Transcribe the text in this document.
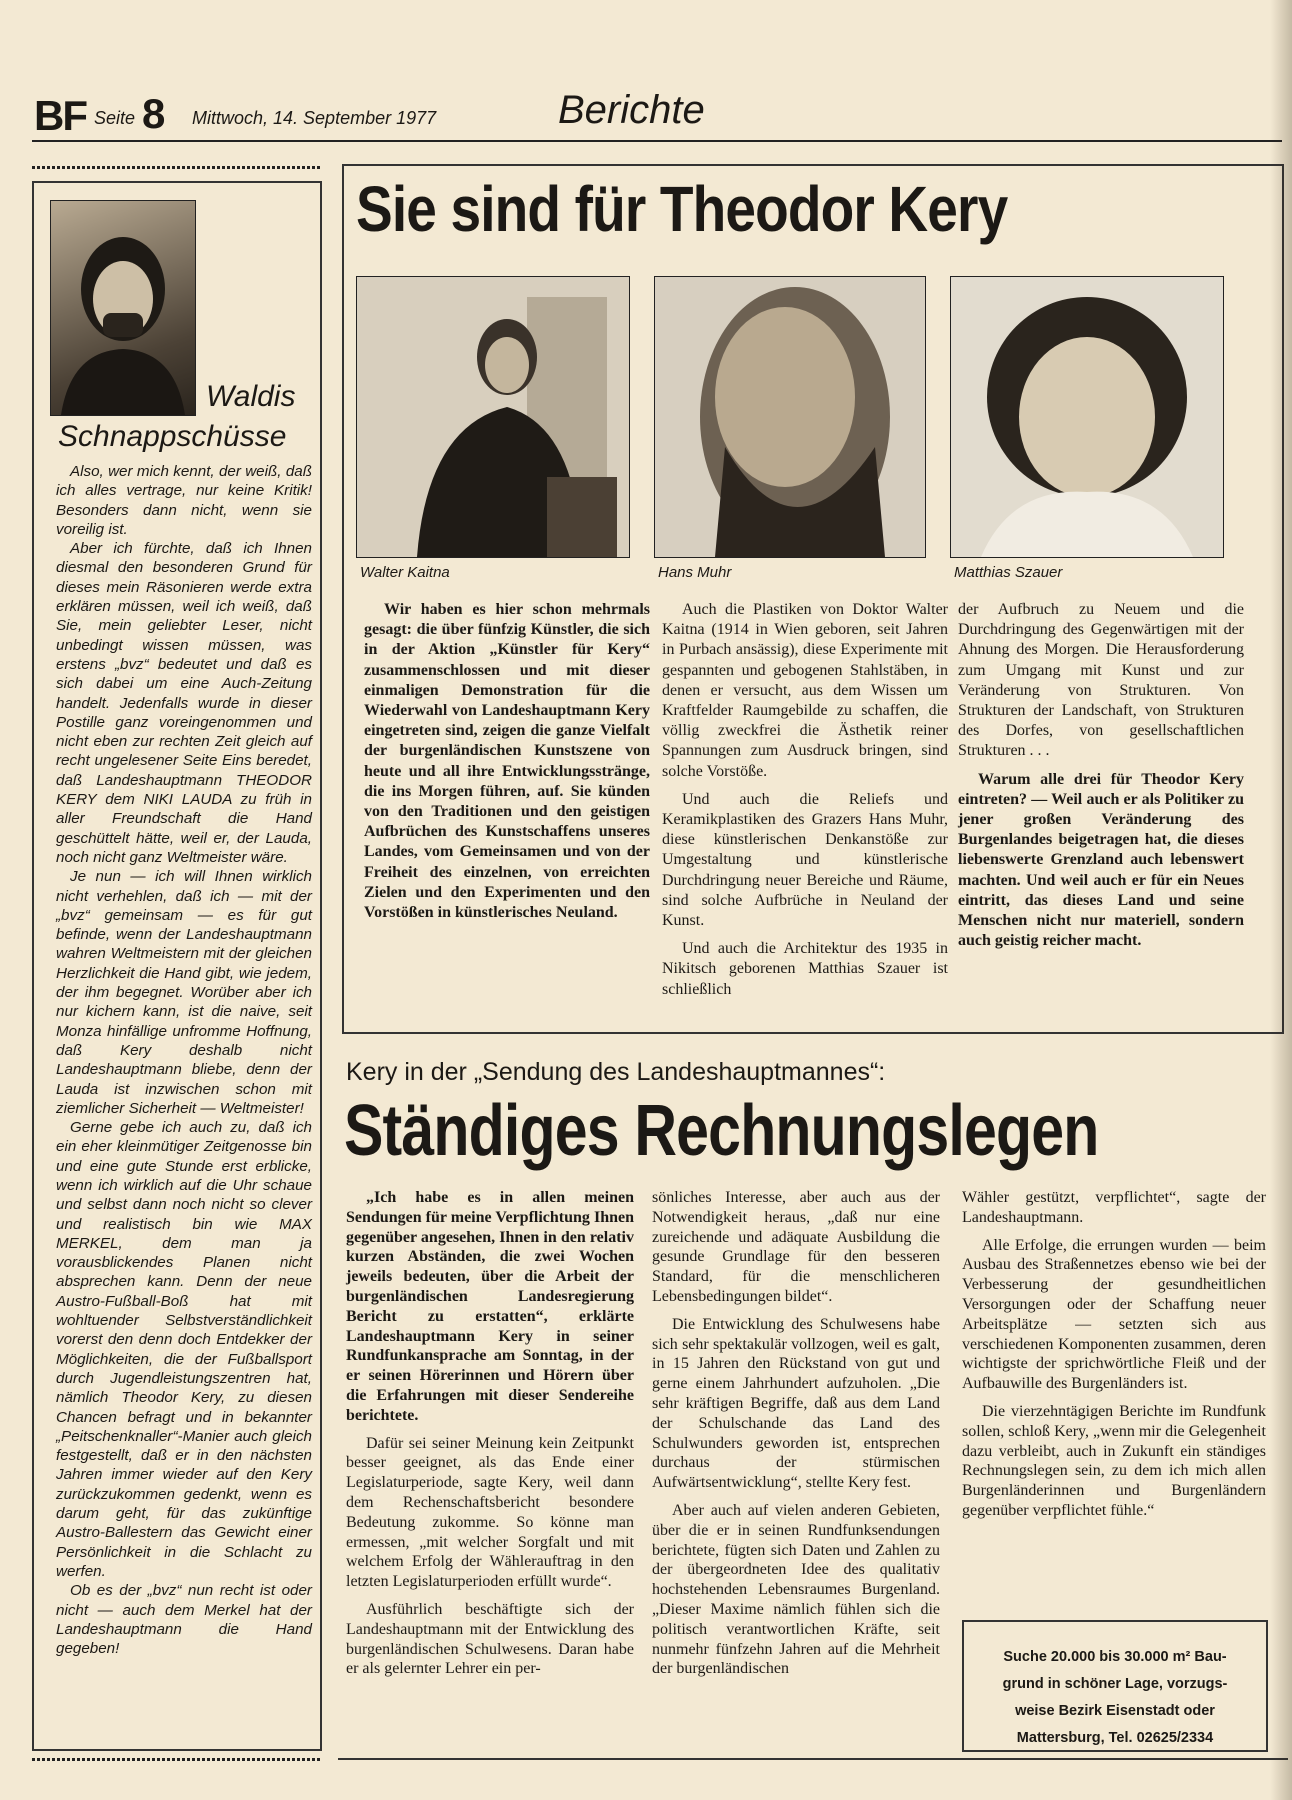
BF Seite 8 Mittwoch, 14. September 1977	Berichte
Waldis
Schnappschüsse

Also, wer mich kennt, der weiß, daß ich alles vertrage, nur keine Kritik! Besonders dann nicht, wenn sie voreilig ist.

Aber ich fürchte, daß ich Ihnen diesmal den besonderen Grund für dieses mein Räsonieren werde extra erklären müssen, weil ich weiß, daß Sie, mein geliebter Leser, nicht unbedingt wissen müssen, was erstens „bvz“ bedeutet und daß es sich dabei um eine Auch-Zeitung handelt. Jedenfalls wurde in dieser Postille ganz voreingenommen und nicht eben zur rechten Zeit gleich auf recht ungelesener Seite Eins beredet, daß Landeshauptmann THEODOR KERY dem NIKI LAUDA zu früh in aller Freundschaft die Hand geschüttelt hätte, weil er, der Lauda, noch nicht ganz Weltmeister wäre.

Je nun — ich will Ihnen wirklich nicht verhehlen, daß ich — mit der „bvz“ gemeinsam — es für gut befinde, wenn der Landeshauptmann wahren Weltmeistern mit der gleichen Herzlichkeit die Hand gibt, wie jedem, der ihm begegnet. Worüber aber ich nur kichern kann, ist die naive, seit Monza hinfällige unfromme Hoffnung, daß Kery deshalb nicht Landeshauptmann bliebe, denn der Lauda ist inzwischen schon mit ziemlicher Sicherheit — Weltmeister!

Gerne gebe ich auch zu, daß ich ein eher kleinmütiger Zeitgenosse bin und eine gute Stunde erst erblicke, wenn ich wirklich auf die Uhr schaue und selbst dann noch nicht so clever und realistisch bin wie MAX MERKEL, dem man ja vorausblickendes Planen nicht absprechen kann. Denn der neue Austro-Fußball-Boß hat mit wohltuender Selbstverständlichkeit vorerst den denn doch Entdekker der Möglichkeiten, die der Fußballsport durch Jugendleistungszentren hat, nämlich Theodor Kery, zu diesen Chancen befragt und in bekannter „Peitschenknaller“-Manier auch gleich festgestellt, daß er in den nächsten Jahren immer wieder auf den Kery zurückzukommen gedenkt, wenn es darum geht, für das zukünftige Austro-Ballestern das Gewicht einer Persönlichkeit in die Schlacht zu werfen.

Ob es der „bvz“ nun recht ist oder nicht — auch dem Merkel hat der Landeshauptmann die Hand gegeben!

Sie sind für Theodor Kery
Walter Kaitna	Hans Muhr	Matthias Szauer

Wir haben es hier schon mehrmals gesagt: die über fünfzig Künstler, die sich in der Aktion „Künstler für Kery“ zusammenschlossen und mit dieser einmaligen Demonstration für die Wiederwahl von Landeshauptmann Kery eingetreten sind, zeigen die ganze Vielfalt der burgenländischen Kunstszene von heute und all ihre Entwicklungsstränge, die ins Morgen führen, auf. Sie künden von den Traditionen und den geistigen Aufbrüchen des Kunstschaffens unseres Landes, vom Gemeinsamen und von der Freiheit des einzelnen, von erreichten Zielen und den Experimenten und den Vorstößen in künstlerisches Neuland.

Auch die Plastiken von Doktor Walter Kaitna (1914 in Wien geboren, seit Jahren in Purbach ansässig), diese Experimente mit gespannten und gebogenen Stahlstäben, in denen er versucht, aus dem Wissen um Kraftfelder Raumgebilde zu schaffen, die völlig zweckfrei die Ästhetik reiner Spannungen zum Ausdruck bringen, sind solche Vorstöße.

Und auch die Reliefs und Keramikplastiken des Grazers Hans Muhr, diese künstlerischen Denkanstöße zur Umgestaltung und künstlerische Durchdringung neuer Bereiche und Räume, sind solche Aufbrüche in Neuland der Kunst.

Und auch die Architektur des 1935 in Nikitsch geborenen Matthias Szauer ist schließlich

der Aufbruch zu Neuem und die Durchdringung des Gegenwärtigen mit der Ahnung des Morgen. Die Herausforderung zum Umgang mit Kunst und zur Veränderung von Strukturen. Von Strukturen der Landschaft, von Strukturen des Dorfes, von gesellschaftlichen Strukturen . . .

Warum alle drei für Theodor Kery eintreten? — Weil auch er als Politiker zu jener großen Veränderung des Burgenlandes beigetragen hat, die dieses liebenswerte Grenzland auch lebenswert machten. Und weil auch er für ein Neues eintritt, das dieses Land und seine Menschen nicht nur materiell, sondern auch geistig reicher macht.

Kery in der „Sendung des Landeshauptmannes“:
Ständiges Rechnungslegen

„Ich habe es in allen meinen Sendungen für meine Verpflichtung Ihnen gegenüber angesehen, Ihnen in den relativ kurzen Abständen, die zwei Wochen jeweils bedeuten, über die Arbeit der burgenländischen Landesregierung Bericht zu erstatten“, erklärte Landeshauptmann Kery in seiner Rundfunkansprache am Sonntag, in der er seinen Hörerinnen und Hörern über die Erfahrungen mit dieser Sendereihe berichtete.

Dafür sei seiner Meinung kein Zeitpunkt besser geeignet, als das Ende einer Legislaturperiode, sagte Kery, weil dann dem Rechenschaftsbericht besondere Bedeutung zukomme. So könne man ermessen, „mit welcher Sorgfalt und mit welchem Erfolg der Wählerauftrag in den letzten Legislaturperioden erfüllt wurde“.

Ausführlich beschäftigte sich der Landeshauptmann mit der Entwicklung des burgenländischen Schulwesens. Daran habe er als gelernter Lehrer ein per-

sönliches Interesse, aber auch aus der Notwendigkeit heraus, „daß nur eine zureichende und adäquate Ausbildung die gesunde Grundlage für den besseren Standard, für die menschlicheren Lebensbedingungen bildet“.

Die Entwicklung des Schulwesens habe sich sehr spektakulär vollzogen, weil es galt, in 15 Jahren den Rückstand von gut und gerne einem Jahrhundert aufzuholen. „Die sehr kräftigen Begriffe, daß aus dem Land der Schulschande das Land des Schulwunders geworden ist, entsprechen durchaus der stürmischen Aufwärtsentwicklung“, stellte Kery fest.

Aber auch auf vielen anderen Gebieten, über die er in seinen Rundfunksendungen berichtete, fügten sich Daten und Zahlen zu der übergeordneten Idee des qualitativ hochstehenden Lebensraumes Burgenland. „Dieser Maxime nämlich fühlen sich die politisch verantwortlichen Kräfte, seit nunmehr fünfzehn Jahren auf die Mehrheit der burgenländischen

Wähler gestützt, verpflichtet“, sagte der Landeshauptmann.

Alle Erfolge, die errungen wurden — beim Ausbau des Straßennetzes ebenso wie bei der Verbesserung der gesundheitlichen Versorgungen oder der Schaffung neuer Arbeitsplätze — setzten sich aus verschiedenen Komponenten zusammen, deren wichtigste der sprichwörtliche Fleiß und der Aufbauwille des Burgenländers ist.

Die vierzehntägigen Berichte im Rundfunk sollen, schloß Kery, „wenn mir die Gelegenheit dazu verbleibt, auch in Zukunft ein ständiges Rechnungslegen sein, zu dem ich mich allen Burgenländerinnen und Burgenländern gegenüber verpflichtet fühle.“

Suche 20.000 bis 30.000 m² Bau-
grund in schöner Lage, vorzugs-
weise Bezirk Eisenstadt oder
Mattersburg, Tel. 02625/2334
